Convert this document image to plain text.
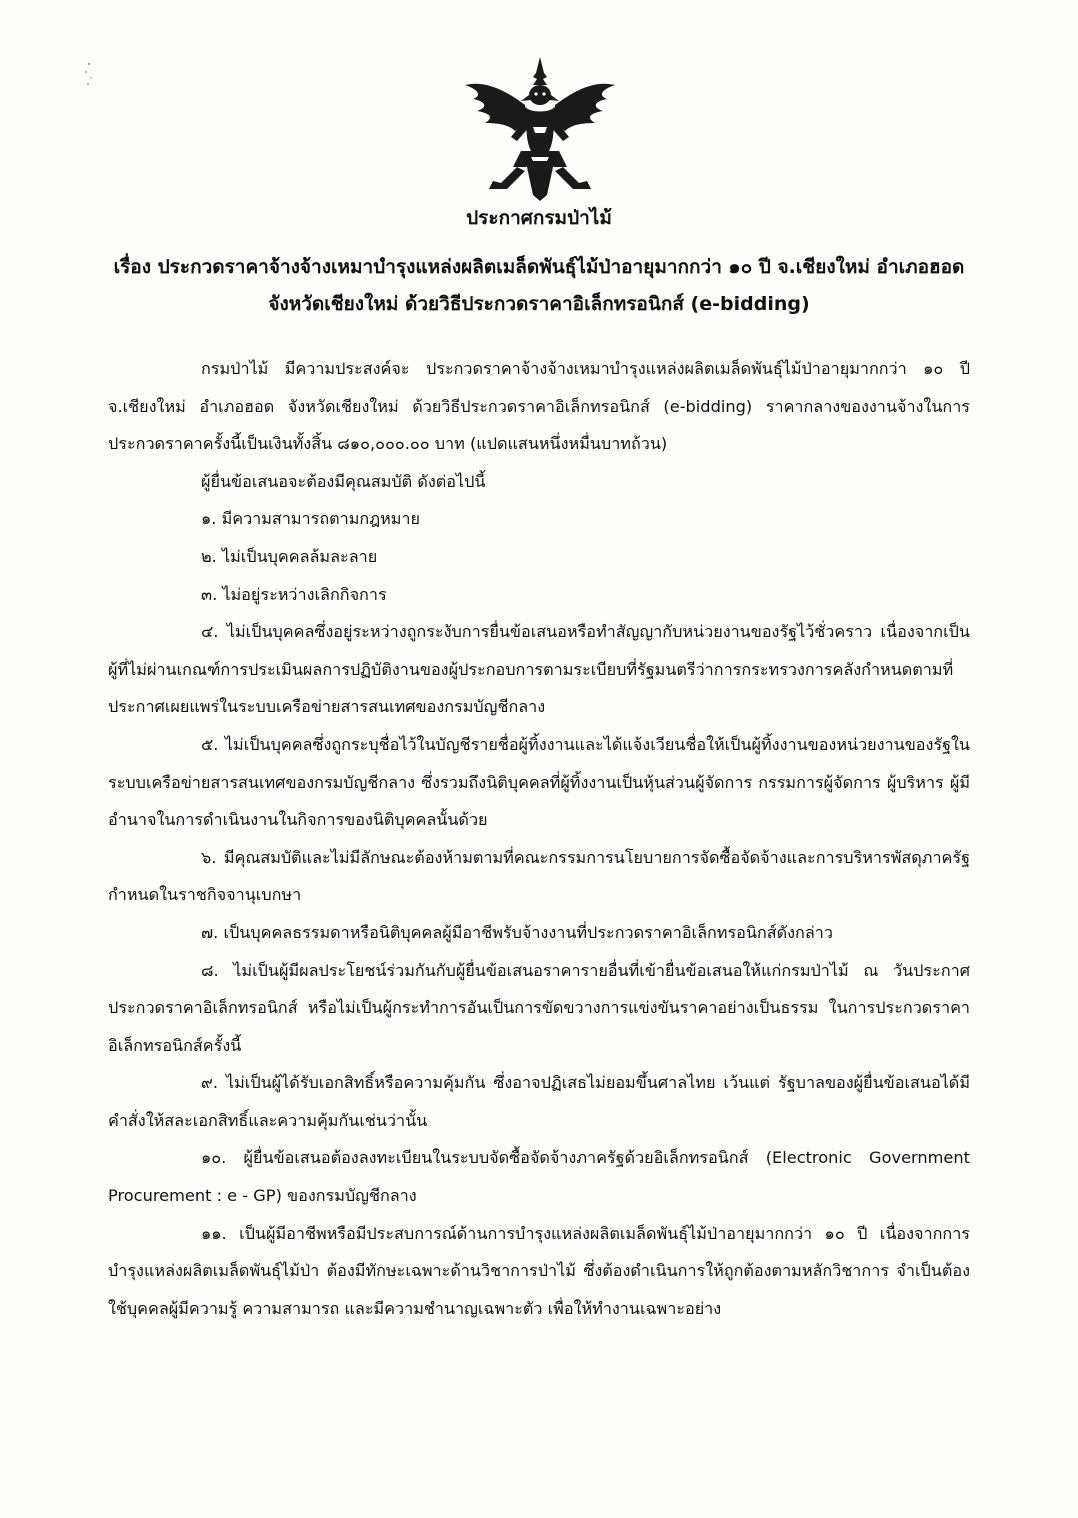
ประกาศกรมป่าไม้
เรื่อง ประกวดราคาจ้างจ้างเหมาบำรุงแหล่งผลิตเมล็ดพันธุ์ไม้ป่าอายุมากกว่า ๑๐ ปี จ.เชียงใหม่ อำเภอฮอด
จังหวัดเชียงใหม่ ด้วยวิธีประกวดราคาอิเล็กทรอนิกส์ (e-bidding)

กรมป่าไม้ มีความประสงค์จะ ประกวดราคาจ้างจ้างเหมาบำรุงแหล่งผลิตเมล็ดพันธุ์ไม้ป่าอายุมากกว่า ๑๐ ปี จ.เชียงใหม่ อำเภอฮอด จังหวัดเชียงใหม่ ด้วยวิธีประกวดราคาอิเล็กทรอนิกส์ (e-bidding) ราคากลางของงานจ้างในการประกวดราคาครั้งนี้เป็นเงินทั้งสิ้น ๘๑๐,๐๐๐.๐๐ บาท (แปดแสนหนึ่งหมื่นบาทถ้วน)

ผู้ยื่นข้อเสนอจะต้องมีคุณสมบัติ ดังต่อไปนี้

๑. มีความสามารถตามกฎหมาย

๒. ไม่เป็นบุคคลล้มละลาย

๓. ไม่อยู่ระหว่างเลิกกิจการ

๔. ไม่เป็นบุคคลซึ่งอยู่ระหว่างถูกระงับการยื่นข้อเสนอหรือทำสัญญากับหน่วยงานของรัฐไว้ชั่วคราว เนื่องจากเป็นผู้ที่ไม่ผ่านเกณฑ์การประเมินผลการปฏิบัติงานของผู้ประกอบการตามระเบียบที่รัฐมนตรีว่าการกระทรวงการคลังกำหนดตามที่ประกาศเผยแพร่ในระบบเครือข่ายสารสนเทศของกรมบัญชีกลาง

๕. ไม่เป็นบุคคลซึ่งถูกระบุชื่อไว้ในบัญชีรายชื่อผู้ทิ้งงานและได้แจ้งเวียนชื่อให้เป็นผู้ทิ้งงานของหน่วยงานของรัฐในระบบเครือข่ายสารสนเทศของกรมบัญชีกลาง ซึ่งรวมถึงนิติบุคคลที่ผู้ทิ้งงานเป็นหุ้นส่วนผู้จัดการ กรรมการผู้จัดการ ผู้บริหาร ผู้มีอำนาจในการดำเนินงานในกิจการของนิติบุคคลนั้นด้วย

๖. มีคุณสมบัติและไม่มีลักษณะต้องห้ามตามที่คณะกรรมการนโยบายการจัดซื้อจัดจ้างและการบริหารพัสดุภาครัฐกำหนดในราชกิจจานุเบกษา

๗. เป็นบุคคลธรรมดาหรือนิติบุคคลผู้มีอาชีพรับจ้างงานที่ประกวดราคาอิเล็กทรอนิกส์ดังกล่าว

๘. ไม่เป็นผู้มีผลประโยชน์ร่วมกันกับผู้ยื่นข้อเสนอราคารายอื่นที่เข้ายื่นข้อเสนอให้แก่กรมป่าไม้ ณ วันประกาศประกวดราคาอิเล็กทรอนิกส์ หรือไม่เป็นผู้กระทำการอันเป็นการขัดขวางการแข่งขันราคาอย่างเป็นธรรม ในการประกวดราคาอิเล็กทรอนิกส์ครั้งนี้

๙. ไม่เป็นผู้ได้รับเอกสิทธิ์หรือความคุ้มกัน ซึ่งอาจปฏิเสธไม่ยอมขึ้นศาลไทย เว้นแต่ รัฐบาลของผู้ยื่นข้อเสนอได้มีคำสั่งให้สละเอกสิทธิ์และความคุ้มกันเช่นว่านั้น

๑๐. ผู้ยื่นข้อเสนอต้องลงทะเบียนในระบบจัดซื้อจัดจ้างภาครัฐด้วยอิเล็กทรอนิกส์ (Electronic Government Procurement : e - GP) ของกรมบัญชีกลาง

๑๑. เป็นผู้มีอาชีพหรือมีประสบการณ์ด้านการบำรุงแหล่งผลิตเมล็ดพันธุ์ไม้ป่าอายุมากกว่า ๑๐ ปี เนื่องจากการบำรุงแหล่งผลิตเมล็ดพันธุ์ไม้ป่า ต้องมีทักษะเฉพาะด้านวิชาการป่าไม้ ซึ่งต้องดำเนินการให้ถูกต้องตามหลักวิชาการ จำเป็นต้องใช้บุคคลผู้มีความรู้ ความสามารถ และมีความชำนาญเฉพาะตัว เพื่อให้ทำงานเฉพาะอย่าง
